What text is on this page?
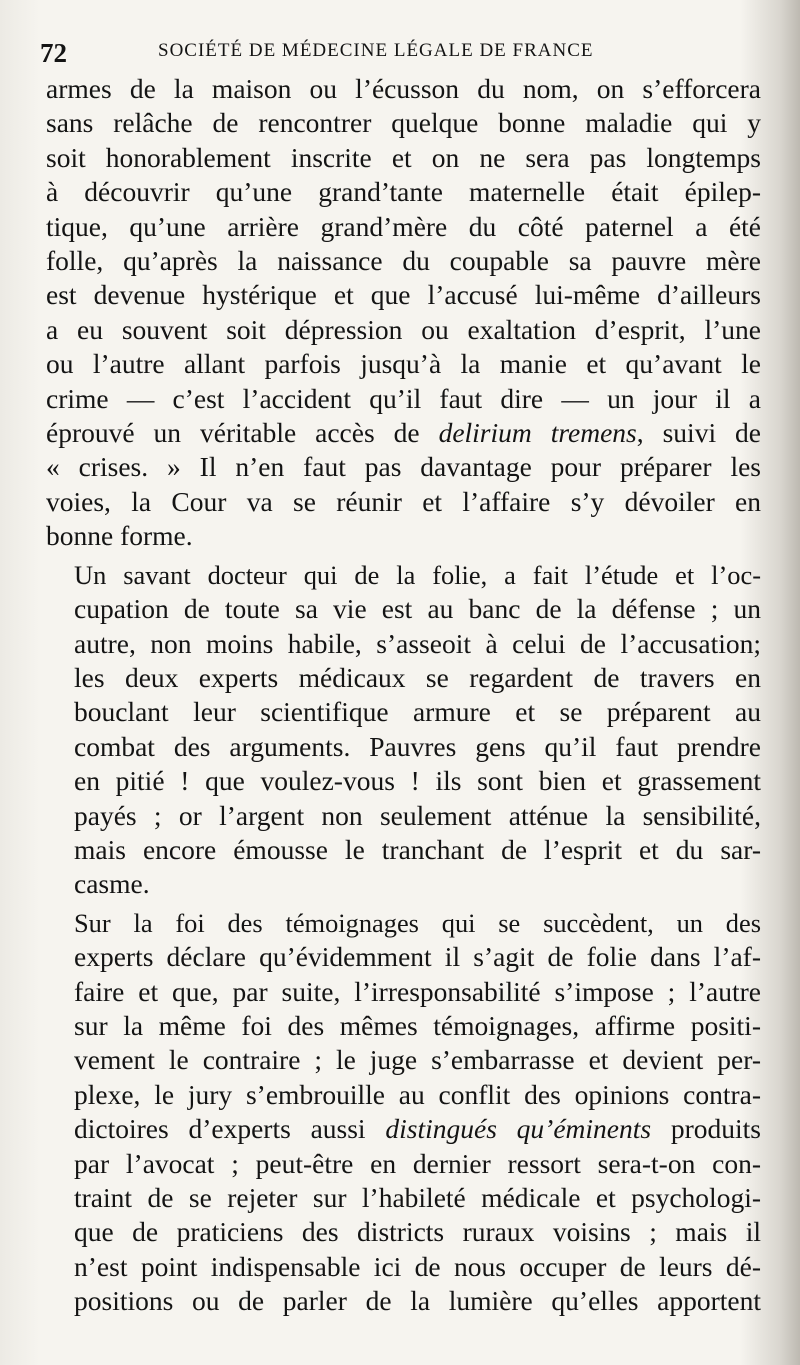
72	SOCIÉTÉ DE MÉDECINE LÉGALE DE FRANCE

armes de la maison ou l’écusson du nom, on s’efforcera
sans relâche de rencontrer quelque bonne maladie qui y
soit honorablement inscrite et on ne sera pas longtemps
à découvrir qu’une grand’tante maternelle était épilep-
tique, qu’une arrière grand’mère du côté paternel a été
folle, qu’après la naissance du coupable sa pauvre mère
est devenue hystérique et que l’accusé lui-même d’ailleurs
a eu souvent soit dépression ou exaltation d’esprit, l’une
ou l’autre allant parfois jusqu’à la manie et qu’avant le
crime — c’est l’accident qu’il faut dire — un jour il a
éprouvé un véritable accès de delirium tremens, suivi de
« crises. » Il n’en faut pas davantage pour préparer les
voies, la Cour va se réunir et l’affaire s’y dévoiler en
bonne forme.

Un savant docteur qui de la folie, a fait l’étude et l’oc-
cupation de toute sa vie est au banc de la défense ; un
autre, non moins habile, s’asseoit à celui de l’accusation;
les deux experts médicaux se regardent de travers en
bouclant leur scientifique armure et se préparent au
combat des arguments. Pauvres gens qu’il faut prendre
en pitié ! que voulez-vous ! ils sont bien et grassement
payés ; or l’argent non seulement atténue la sensibilité,
mais encore émousse le tranchant de l’esprit et du sar-
casme.

Sur la foi des témoignages qui se succèdent, un des
experts déclare qu’évidemment il s’agit de folie dans l’af-
faire et que, par suite, l’irresponsabilité s’impose ; l’autre
sur la même foi des mêmes témoignages, affirme positi-
vement le contraire ; le juge s’embarrasse et devient per-
plexe, le jury s’embrouille au conflit des opinions contra-
dictoires d’experts aussi distingués qu’éminents produits
par l’avocat ; peut-être en dernier ressort sera-t-on con-
traint de se rejeter sur l’habileté médicale et psychologi-
que de praticiens des districts ruraux voisins ; mais il
n’est point indispensable ici de nous occuper de leurs dé-
positions ou de parler de la lumière qu’elles apportent
